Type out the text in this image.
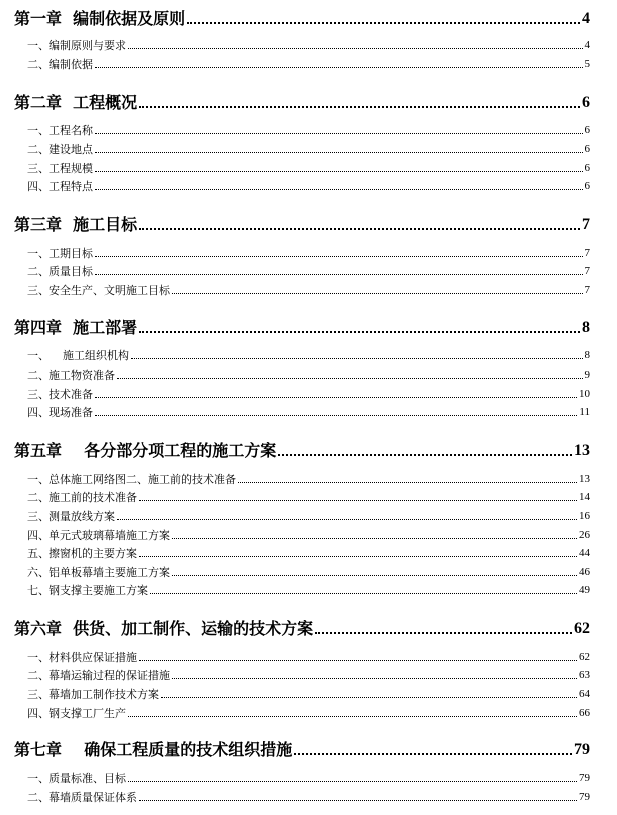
第一章  编制依据及原则	4
一、编制原则与要求	4
二、编制依据	5
第二章  工程概况	6
一、工程名称	6
二、建设地点	6
三、工程规模	6
四、工程特点	6
第三章  施工目标	7
一、工期目标	7
二、质量目标	7
三、安全生产、文明施工目标	7
第四章  施工部署	8
一、    施工组织机构	8
二、施工物资准备	9
三、技术准备	10
四、现场准备	11
第五章    各分部分项工程的施工方案	13
一、总体施工网络图二、施工前的技术准备	13
二、施工前的技术准备	14
三、测量放线方案	16
四、单元式玻璃幕墙施工方案	26
五、擦窗机的主要方案	44
六、铝单板幕墙主要施工方案	46
七、钢支撑主要施工方案	49
第六章  供货、加工制作、运输的技术方案	62
一、材料供应保证措施	62
二、幕墙运输过程的保证措施	63
三、幕墙加工制作技术方案	64
四、钢支撑工厂生产	66
第七章    确保工程质量的技术组织措施	79
一、质量标准、目标	79
二、幕墙质量保证体系	79
